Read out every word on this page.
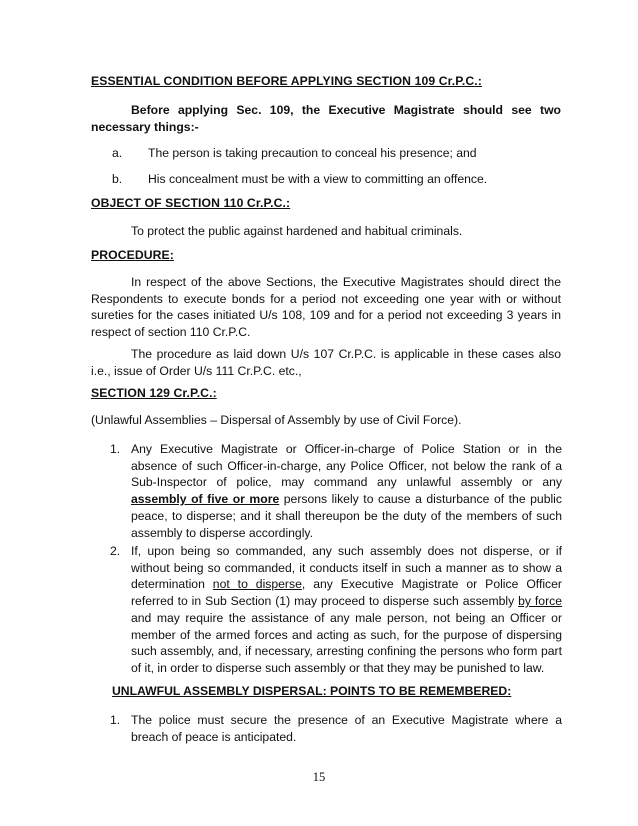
ESSENTIAL CONDITION BEFORE APPLYING SECTION 109 Cr.P.C.:
Before applying Sec. 109, the Executive Magistrate should see two necessary things:-
a. The person is taking precaution to conceal his presence; and
b. His concealment must be with a view to committing an offence.
OBJECT OF SECTION 110 Cr.P.C.:
To protect the public against hardened and habitual criminals.
PROCEDURE:
In respect of the above Sections, the Executive Magistrates should direct the Respondents to execute bonds for a period not exceeding one year with or without sureties for the cases initiated U/s 108, 109 and for a period not exceeding 3 years in respect of section 110 Cr.P.C.
The procedure as laid down U/s 107 Cr.P.C. is applicable in these cases also i.e., issue of Order U/s 111 Cr.P.C. etc.,
SECTION 129 Cr.P.C.:
(Unlawful Assemblies – Dispersal of Assembly by use of Civil Force).
1. Any Executive Magistrate or Officer-in-charge of Police Station or in the absence of such Officer-in-charge, any Police Officer, not below the rank of a Sub-Inspector of police, may command any unlawful assembly or any assembly of five or more persons likely to cause a disturbance of the public peace, to disperse; and it shall thereupon be the duty of the members of such assembly to disperse accordingly.
2. If, upon being so commanded, any such assembly does not disperse, or if without being so commanded, it conducts itself in such a manner as to show a determination not to disperse, any Executive Magistrate or Police Officer referred to in Sub Section (1) may proceed to disperse such assembly by force and may require the assistance of any male person, not being an Officer or member of the armed forces and acting as such, for the purpose of dispersing such assembly, and, if necessary, arresting confining the persons who form part of it, in order to disperse such assembly or that they may be punished to law.
UNLAWFUL ASSEMBLY DISPERSAL: POINTS TO BE REMEMBERED:
1. The police must secure the presence of an Executive Magistrate where a breach of peace is anticipated.
15
